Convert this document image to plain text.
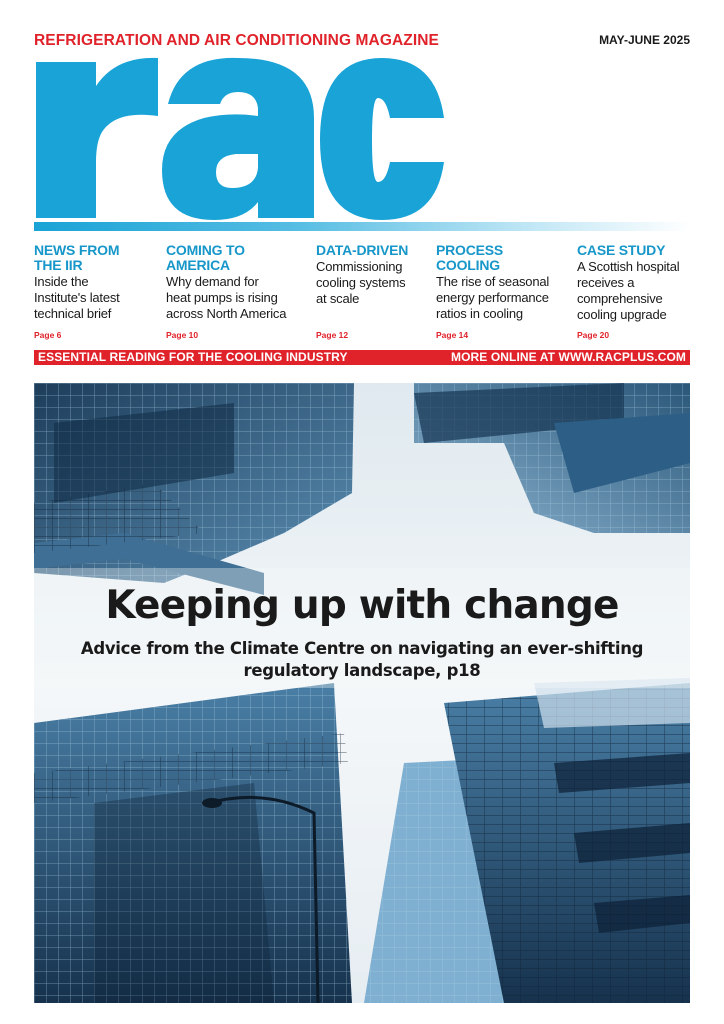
REFRIGERATION AND AIR CONDITIONING MAGAZINE	MAY-JUNE 2025
NEWS FROM
THE IIR
Inside the
Institute's latest
technical brief
Page 6
COMING TO
AMERICA
Why demand for
heat pumps is rising
across North America
Page 10
DATA-DRIVEN
Commissioning
cooling systems
at scale
Page 12
PROCESS
COOLING
The rise of seasonal
energy performance
ratios in cooling
Page 14
CASE STUDY
A Scottish hospital
receives a
comprehensive
cooling upgrade
Page 20
ESSENTIAL READING FOR THE COOLING INDUSTRY	MORE ONLINE AT WWW.RACPLUS.COM
Keeping up with change
Advice from the Climate Centre on navigating an ever-shifting
regulatory landscape, p18
